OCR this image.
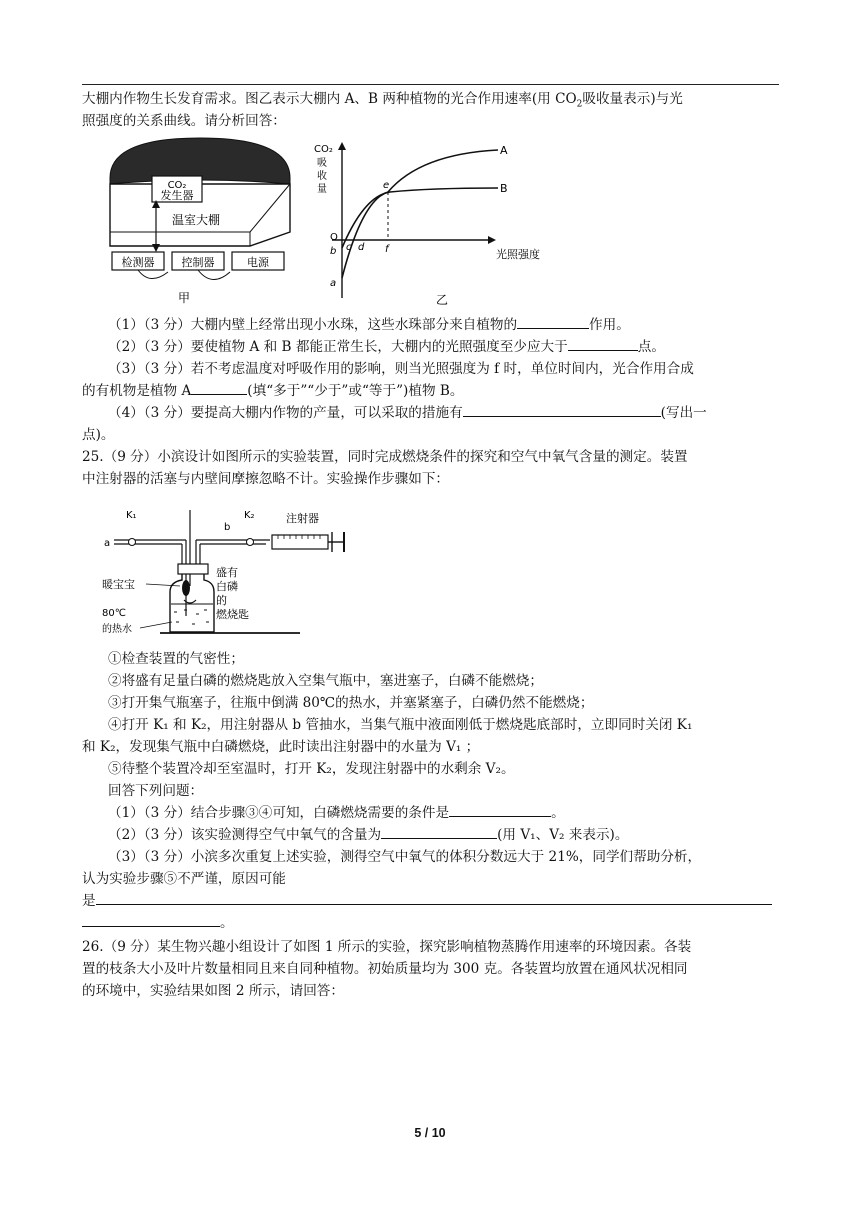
大棚内作物生长发育需求。图乙表示大棚内 A、B 两种植物的光合作用速率(用 $CO_2$吸收量表示)与光

照强度的关系曲线。请分析回答：

CO₂
发生器
温室大棚
检测器 控制器	电源
甲
CO₂
吸
收
量
A
B
O
b
a
c d
e
f	光照强度
乙

（1）（3 分）大棚内壁上经常出现小水珠，这些水珠部分来自植物的	作用。

（2）（3 分）要使植物 A 和 B 都能正常生长，大棚内的光照强度至少应大于	点。

（3）（3 分）若不考虑温度对呼吸作用的影响，则当光照强度为 f 时，单位时间内，光合作用合成

的有机物是植物 A	(填“多于”“少于”或“等于”)植物 B。

（4）（3 分）要提高大棚内作物的产量，可以采取的措施有	(写出一

点)。

25.（9 分）小滨设计如图所示的实验装置，同时完成燃烧条件的探究和空气中氧气含量的测定。装置

中注射器的活塞与内壁间摩擦忽略不计。实验操作步骤如下：

a
K₁
b
K₂	注射器
暖宝宝
80℃
的热水
盛有
白磷
的
燃烧匙

①检查装置的气密性；

②将盛有足量白磷的燃烧匙放入空集气瓶中，塞进塞子，白磷不能燃烧；

③打开集气瓶塞子，往瓶中倒满 80℃的热水，并塞紧塞子，白磷仍然不能燃烧；

④打开 K₁ 和 K₂，用注射器从 b 管抽水，当集气瓶中液面刚低于燃烧匙底部时，立即同时关闭 K₁

和 K₂，发现集气瓶中白磷燃烧，此时读出注射器中的水量为 V₁ ；

⑤待整个装置冷却至室温时，打开 K₂，发现注射器中的水剩余 V₂。

回答下列问题：

（1）（3 分）结合步骤③④可知，白磷燃烧需要的条件是	。

（2）（3 分）该实验测得空气中氧气的含量为	(用 V₁、V₂ 来表示)。

（3）（3 分）小滨多次重复上述实验，测得空气中氧气的体积分数远大于 21%，同学们帮助分析，

认为实验步骤⑤不严谨，原因可能

是

。

26.（9 分）某生物兴趣小组设计了如图 1 所示的实验，探究影响植物蒸腾作用速率的环境因素。各装

置的枝条大小及叶片数量相同且来自同种植物。初始质量均为 300 克。各装置均放置在通风状况相同

的环境中，实验结果如图 2 所示，请回答：

5 / 10
